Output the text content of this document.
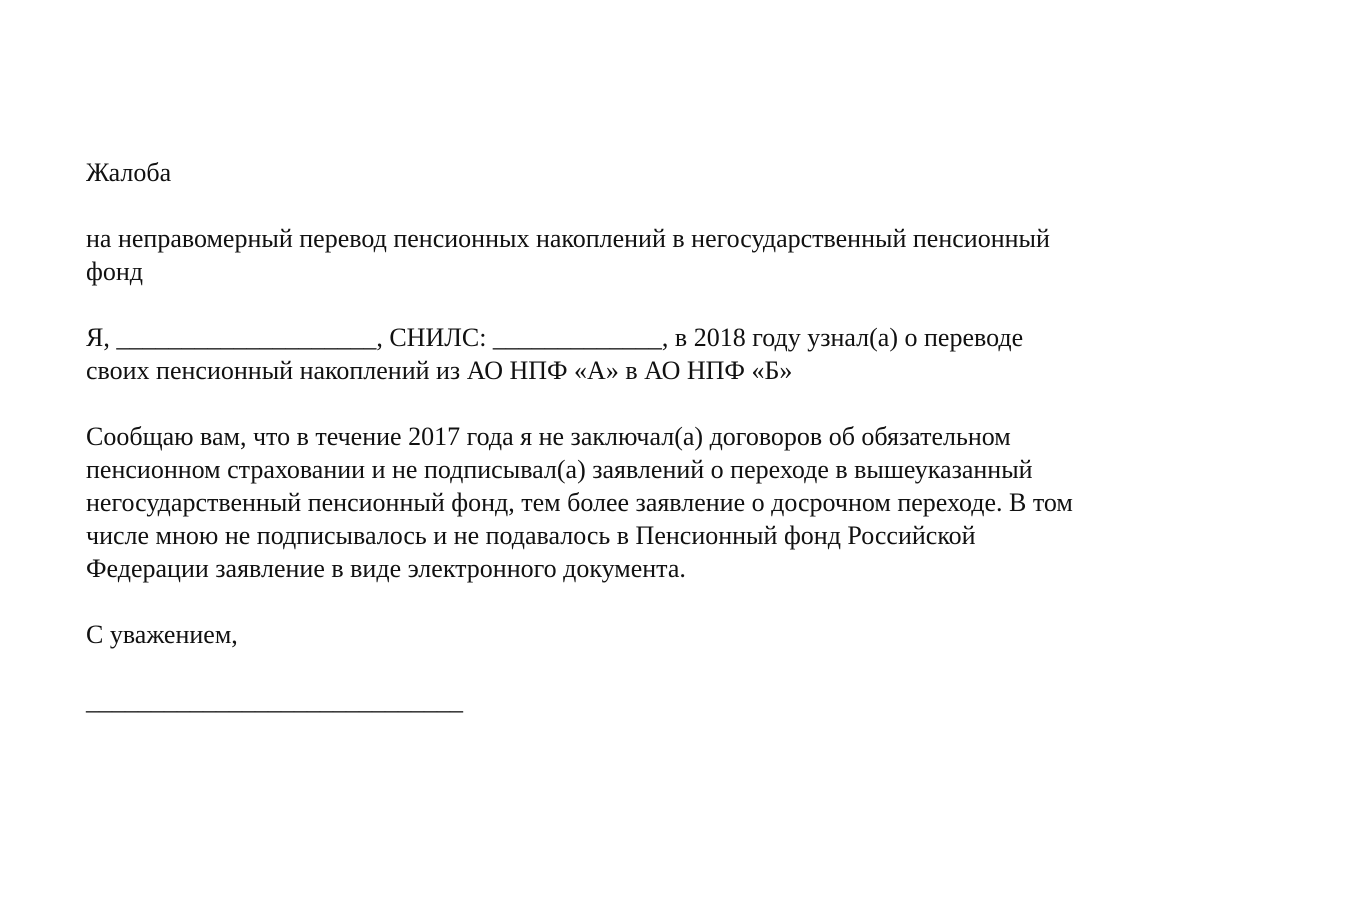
Жалоба

на неправомерный перевод пенсионных накоплений в негосударственный пенсионный

фонд

Я, ____________________, СНИЛС: _____________, в 2018 году узнал(а) о переводе

своих пенсионный накоплений из АО НПФ «А» в АО НПФ «Б»

Сообщаю вам, что в течение 2017 года я не заключал(а) договоров об обязательном

пенсионном страховании и не подписывал(а) заявлений о переходе в вышеуказанный

негосударственный пенсионный фонд, тем более заявление о досрочном переходе. В том

числе мною не подписывалось и не подавалось в Пенсионный фонд Российской

Федерации заявление в виде электронного документа.

С уважением,

_____________________________
